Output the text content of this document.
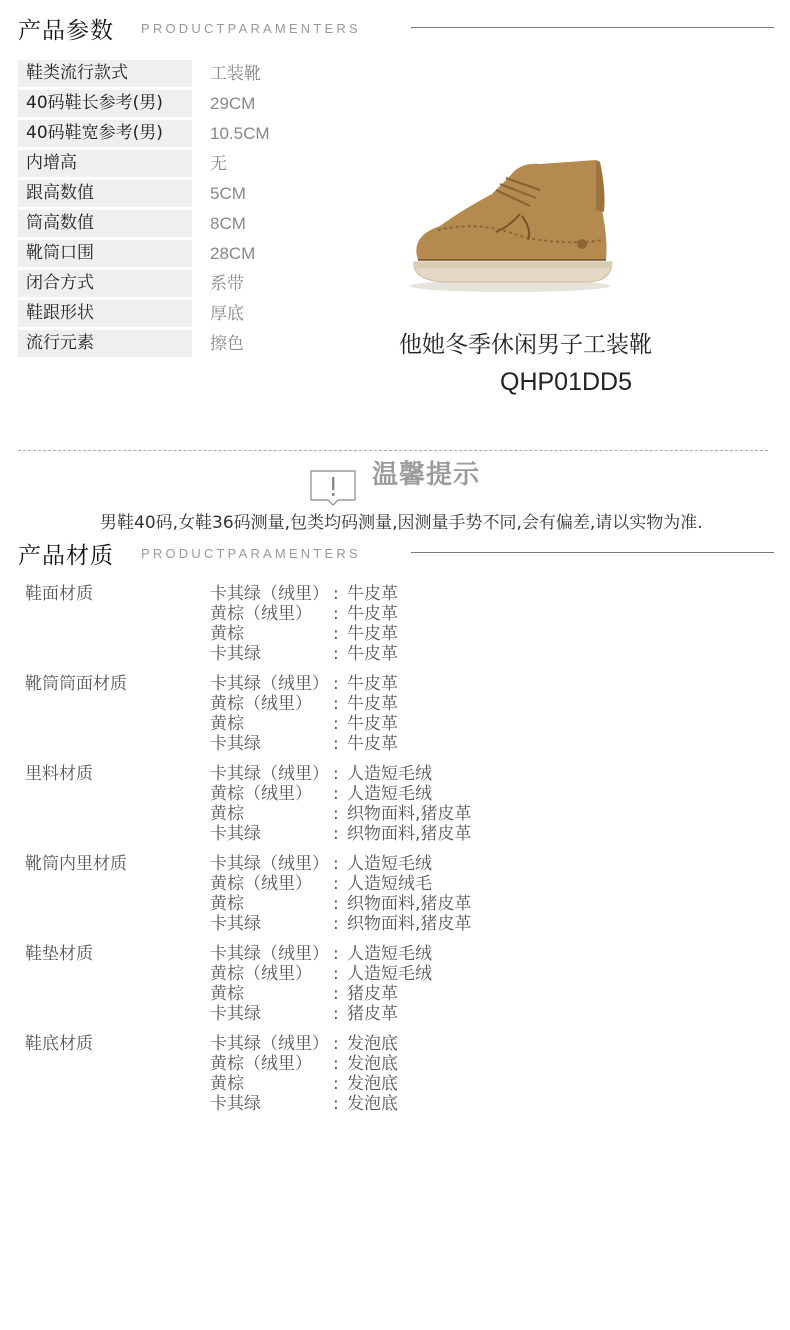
产品参数 PRODUCTPARAMENTERS
鞋类流行款式	工装靴
40码鞋长参考(男)	29CM
40码鞋宽参考(男)	10.5CM
内增高	无
跟高数值	5CM
筒高数值	8CM
靴筒口围	28CM
闭合方式	系带
鞋跟形状	厚底
流行元素	擦色	他她冬季休闲男子工装靴
QHP01DD5
温馨提示
男鞋40码,女鞋36码测量,包类均码测量,因测量手势不同,会有偏差,请以实物为准.
产品材质 PRODUCTPARAMENTERS
鞋面材质	卡其绿（绒里） : 牛皮革
黄棕（绒里） : 牛皮革
黄棕	: 牛皮革
卡其绿	: 牛皮革
靴筒筒面材质	卡其绿（绒里） : 牛皮革
黄棕（绒里） : 牛皮革
黄棕	: 牛皮革
卡其绿	: 牛皮革
里料材质	卡其绿（绒里） : 人造短毛绒
黄棕（绒里） : 人造短毛绒
黄棕	: 织物面料,猪皮革
卡其绿	: 织物面料,猪皮革
靴筒内里材质	卡其绿（绒里） : 人造短毛绒
黄棕（绒里） : 人造短绒毛
黄棕	: 织物面料,猪皮革
卡其绿	: 织物面料,猪皮革
鞋垫材质	卡其绿（绒里） : 人造短毛绒
黄棕（绒里） : 人造短毛绒
黄棕	: 猪皮革
卡其绿	: 猪皮革
鞋底材质	卡其绿（绒里） : 发泡底
黄棕（绒里） : 发泡底
黄棕	: 发泡底
卡其绿	: 发泡底
